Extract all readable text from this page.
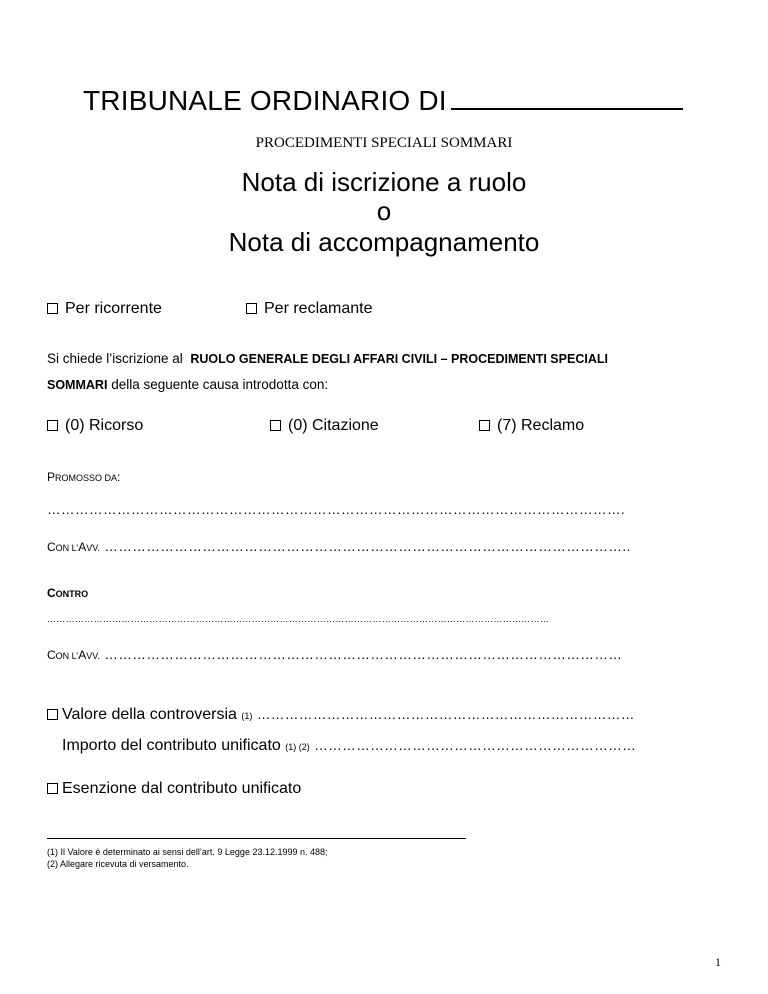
TRIBUNALE ORDINARIO DI
PROCEDIMENTI SPECIALI SOMMARI
Nota di iscrizione a ruolo
o
Nota di accompagnamento
Per ricorrente	Per reclamante
Si chiede l’iscrizione al RUOLO GENERALE DEGLI AFFARI CIVILI – PROCEDIMENTI SPECIALI
SOMMARI della seguente causa introdotta con:
(0) Ricorso	(0) Citazione	(7) Reclamo
PROMOSSO DA:
…………………………………………………………………………………………………………….
CON L’AVV. …………………………………………………………………………………………………..
CONTRO
………………………………………………………………………………………………………………………………………………
CON L’AVV. …………………………………………………………………………………………………
Valore della controversia (1) ………………………………………………………………………
Importo del contributo unificato (1) (2) ……………………………………………………………
Esenzione dal contributo unificato
(1) Il Valore è determinato ai sensi dell’art. 9 Legge 23.12.1999 n. 488;
(2) Allegare ricevuta di versamento.
1
